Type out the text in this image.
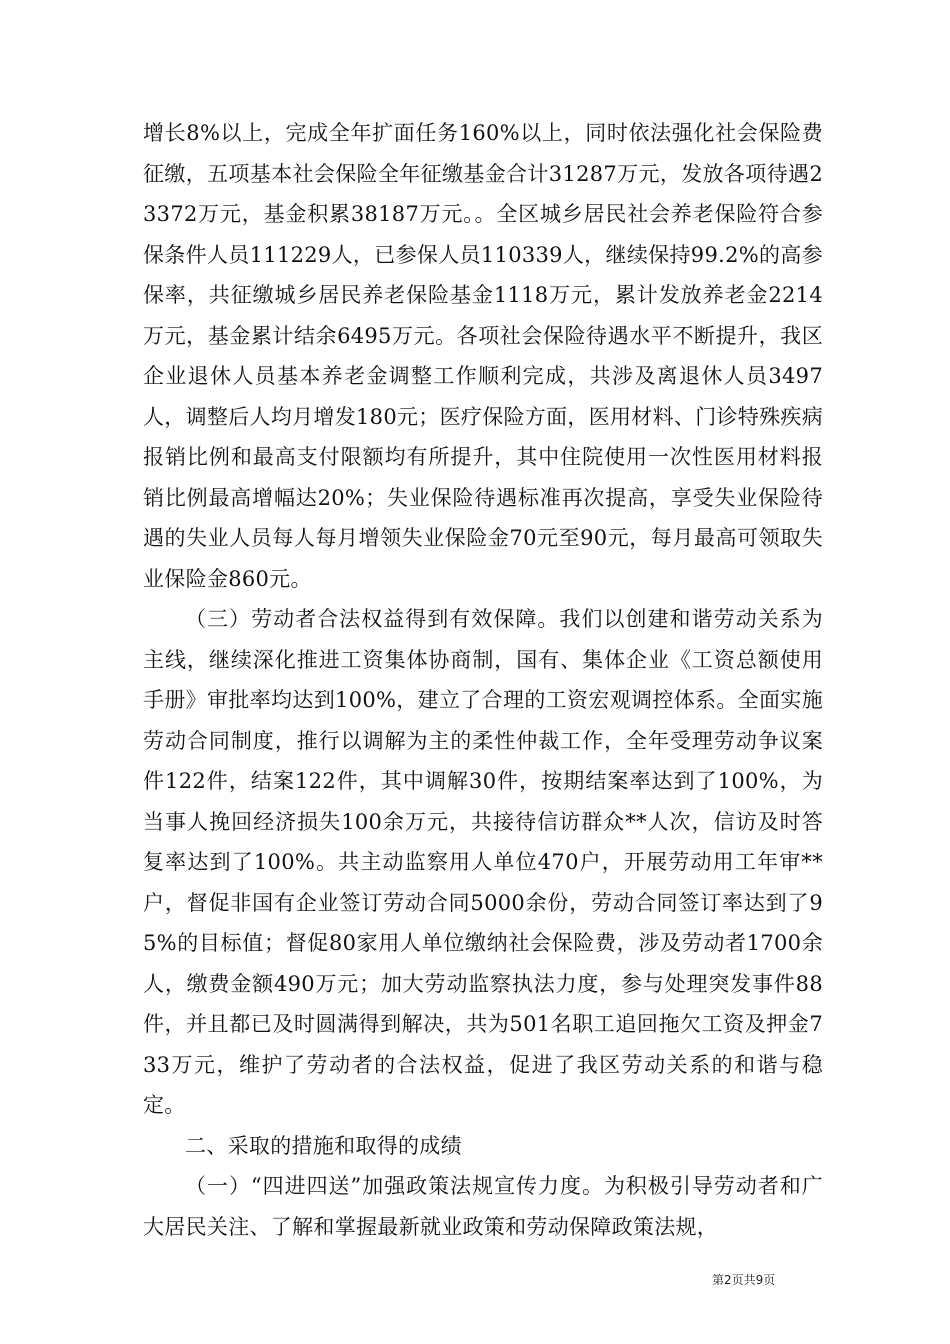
增长8%以上，完成全年扩面任务160%以上，同时依法强化社会保险费征缴，五项基本社会保险全年征缴基金合计31287万元，发放各项待遇23372万元，基金积累38187万元。。全区城乡居民社会养老保险符合参保条件人员111229人，已参保人员110339人，继续保持99.2%的高参保率，共征缴城乡居民养老保险基金1118万元，累计发放养老金2214万元，基金累计结余6495万元。各项社会保险待遇水平不断提升，我区企业退休人员基本养老金调整工作顺利完成，共涉及离退休人员3497人，调整后人均月增发180元；医疗保险方面，医用材料、门诊特殊疾病报销比例和最高支付限额均有所提升，其中住院使用一次性医用材料报销比例最高增幅达20%；失业保险待遇标准再次提高，享受失业保险待遇的失业人员每人每月增领失业保险金70元至90元，每月最高可领取失业保险金860元。

（三）劳动者合法权益得到有效保障。我们以创建和谐劳动关系为主线，继续深化推进工资集体协商制，国有、集体企业《工资总额使用手册》审批率均达到100%，建立了合理的工资宏观调控体系。全面实施劳动合同制度，推行以调解为主的柔性仲裁工作，全年受理劳动争议案件122件，结案122件，其中调解30件，按期结案率达到了100%，为当事人挽回经济损失100余万元，共接待信访群众**人次，信访及时答复率达到了100%。共主动监察用人单位470户，开展劳动用工年审**户，督促非国有企业签订劳动合同5000余份，劳动合同签订率达到了95%的目标值；督促80家用人单位缴纳社会保险费，涉及劳动者1700余人，缴费金额490万元；加大劳动监察执法力度，参与处理突发事件88件，并且都已及时圆满得到解决，共为501名职工追回拖欠工资及押金733万元，维护了劳动者的合法权益，促进了我区劳动关系的和谐与稳定。

二、采取的措施和取得的成绩

（一）“四进四送”加强政策法规宣传力度。为积极引导劳动者和广大居民关注、了解和掌握最新就业政策和劳动保障政策法规，

第2页共9页
